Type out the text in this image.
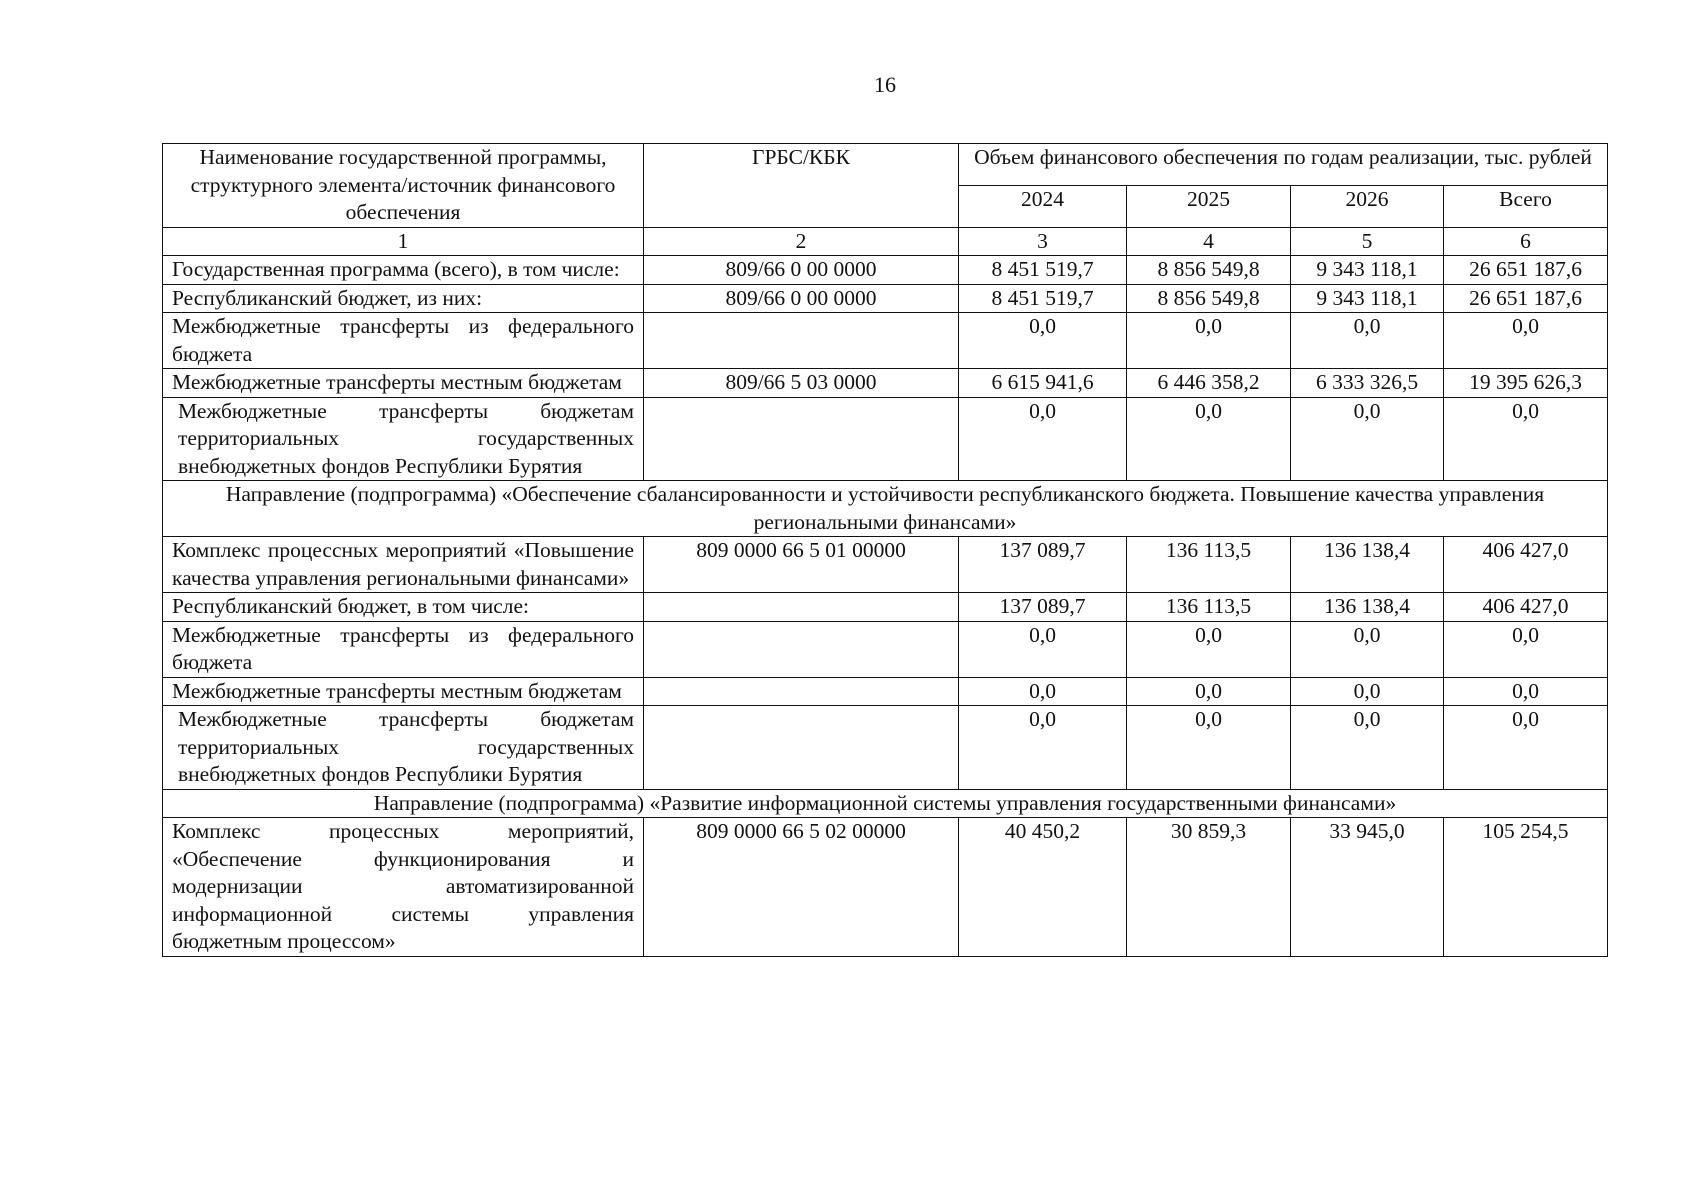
16
Наименование государственной программы, структурного элемента/источник финансового обеспечения	ГРБС/КБК	Объем финансового обеспечения по годам реализации, тыс. рублей			
		2024	2025	2026	Всего
1	2	3	4	5	6
Государственная программа (всего), в том числе:	809/66 0 00 0000	8 451 519,7	8 856 549,8	9 343 118,1	26 651 187,6
Республиканский бюджет, из них:	809/66 0 00 0000	8 451 519,7	8 856 549,8	9 343 118,1	26 651 187,6
Межбюджетные трансферты из федерального бюджета		0,0	0,0	0,0	0,0
Межбюджетные трансферты местным бюджетам	809/66 5 03 0000	6 615 941,6	6 446 358,2	6 333 326,5	19 395 626,3
Межбюджетные трансферты бюджетам территориальных государственных внебюджетных фондов Республики Бурятия		0,0	0,0	0,0	0,0
Направление (подпрограмма) «Обеспечение сбалансированности и устойчивости республиканского бюджета. Повышение качества управления региональными финансами»					
Комплекс процессных мероприятий «Повышение качества управления региональными финансами»	809 0000 66 5 01 00000	137 089,7	136 113,5	136 138,4	406 427,0
Республиканский бюджет, в том числе:		137 089,7	136 113,5	136 138,4	406 427,0
Межбюджетные трансферты из федерального бюджета		0,0	0,0	0,0	0,0
Межбюджетные трансферты местным бюджетам		0,0	0,0	0,0	0,0
Межбюджетные трансферты бюджетам территориальных государственных внебюджетных фондов Республики Бурятия		0,0	0,0	0,0	0,0
Направление (подпрограмма) «Развитие информационной системы управления государственными финансами»					
Комплекс процессных мероприятий, «Обеспечение функционирования и модернизации автоматизированной информационной системы управления бюджетным процессом»	809 0000 66 5 02 00000	40 450,2	30 859,3	33 945,0	105 254,5
